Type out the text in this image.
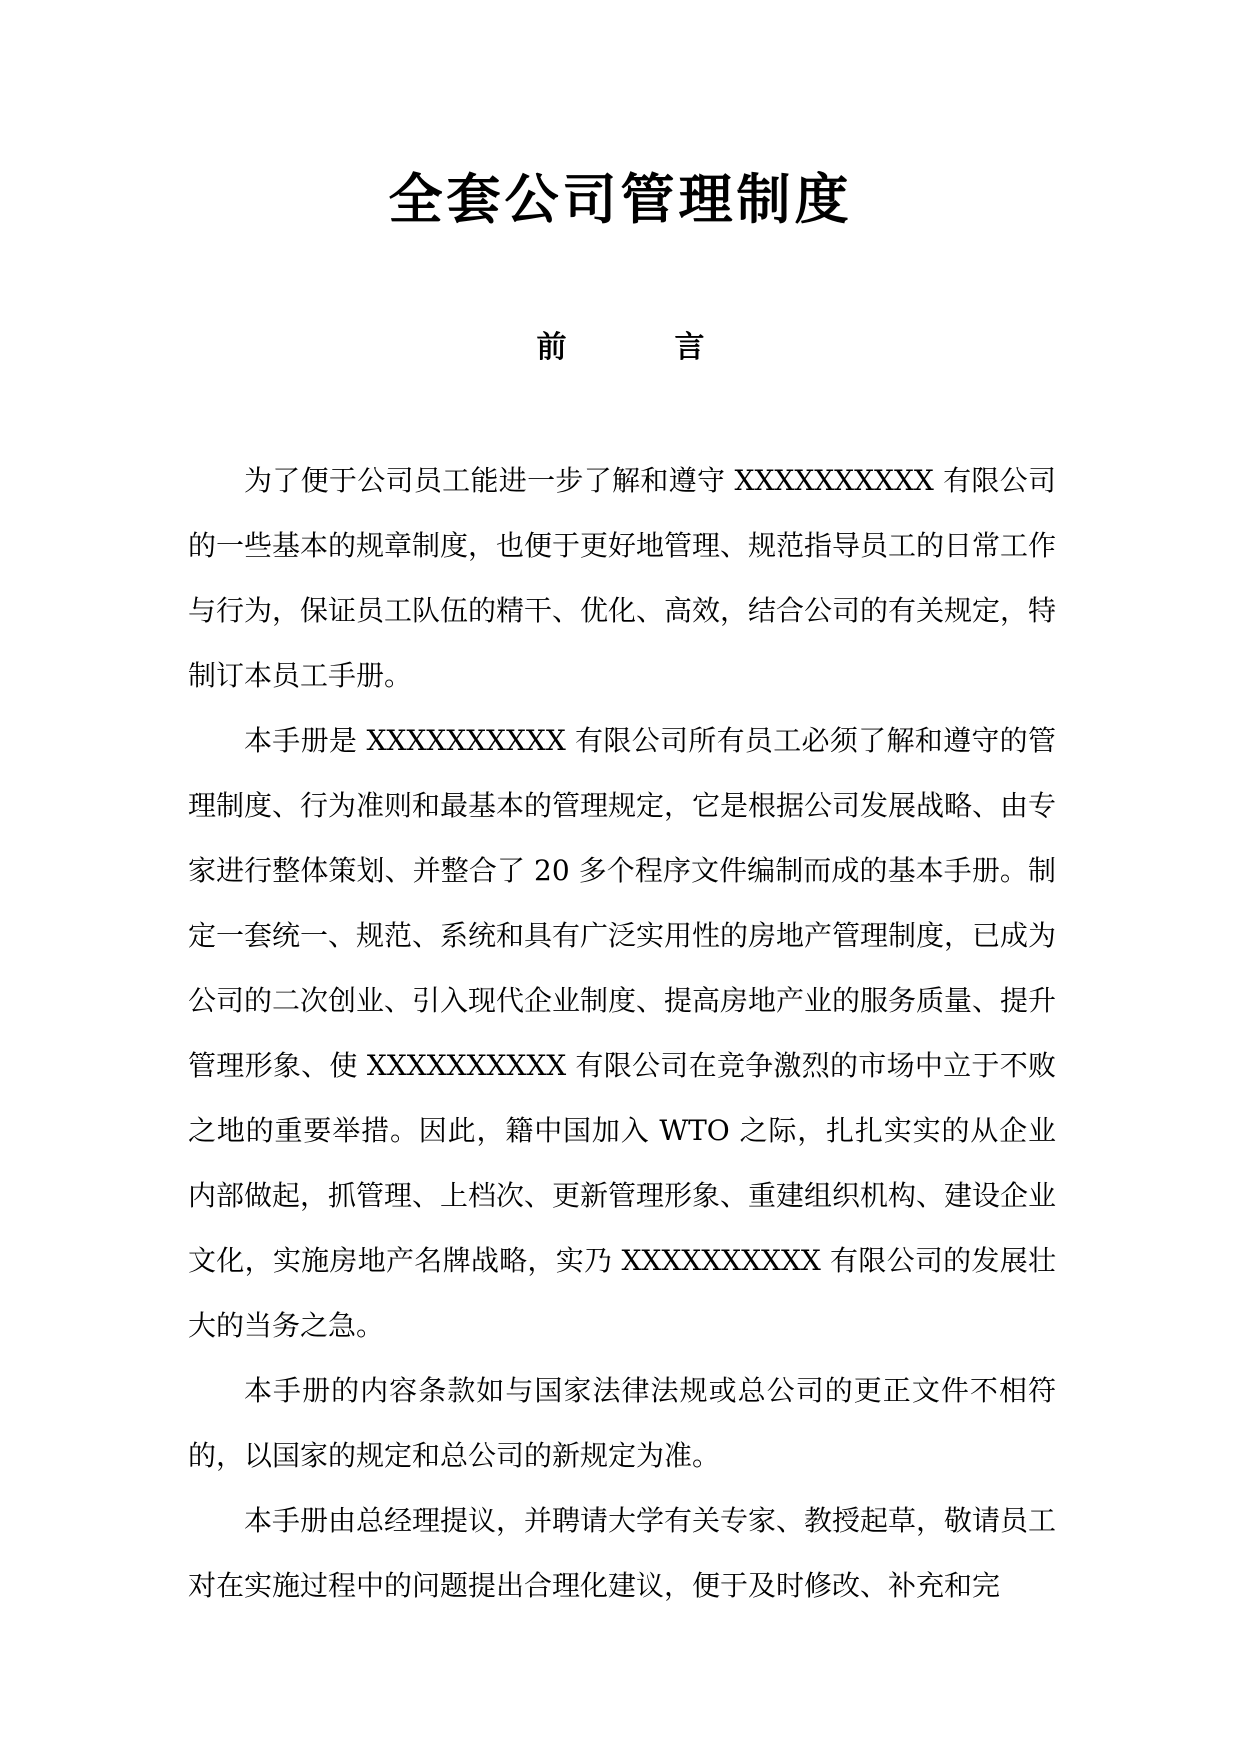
全套公司管理制度
前	言

为了便于公司员工能进一步了解和遵守 XXXXXXXXXX 有限公司的一些基本的规章制度，也便于更好地管理、规范指导员工的日常工作与行为，保证员工队伍的精干、优化、高效，结合公司的有关规定，特制订本员工手册。

本手册是 XXXXXXXXXX 有限公司所有员工必须了解和遵守的管理制度、行为准则和最基本的管理规定，它是根据公司发展战略、由专家进行整体策划、并整合了 20 多个程序文件编制而成的基本手册。制定一套统一、规范、系统和具有广泛实用性的房地产管理制度，已成为公司的二次创业、引入现代企业制度、提高房地产业的服务质量、提升管理形象、使 XXXXXXXXXX 有限公司在竞争激烈的市场中立于不败之地的重要举措。因此，籍中国加入 WTO 之际，扎扎实实的从企业内部做起，抓管理、上档次、更新管理形象、重建组织机构、建设企业文化，实施房地产名牌战略，实乃 XXXXXXXXXX 有限公司的发展壮大的当务之急。

本手册的内容条款如与国家法律法规或总公司的更正文件不相符的，以国家的规定和总公司的新规定为准。

本手册由总经理提议，并聘请大学有关专家、教授起草，敬请员工对在实施过程中的问题提出合理化建议，便于及时修改、补充和完
